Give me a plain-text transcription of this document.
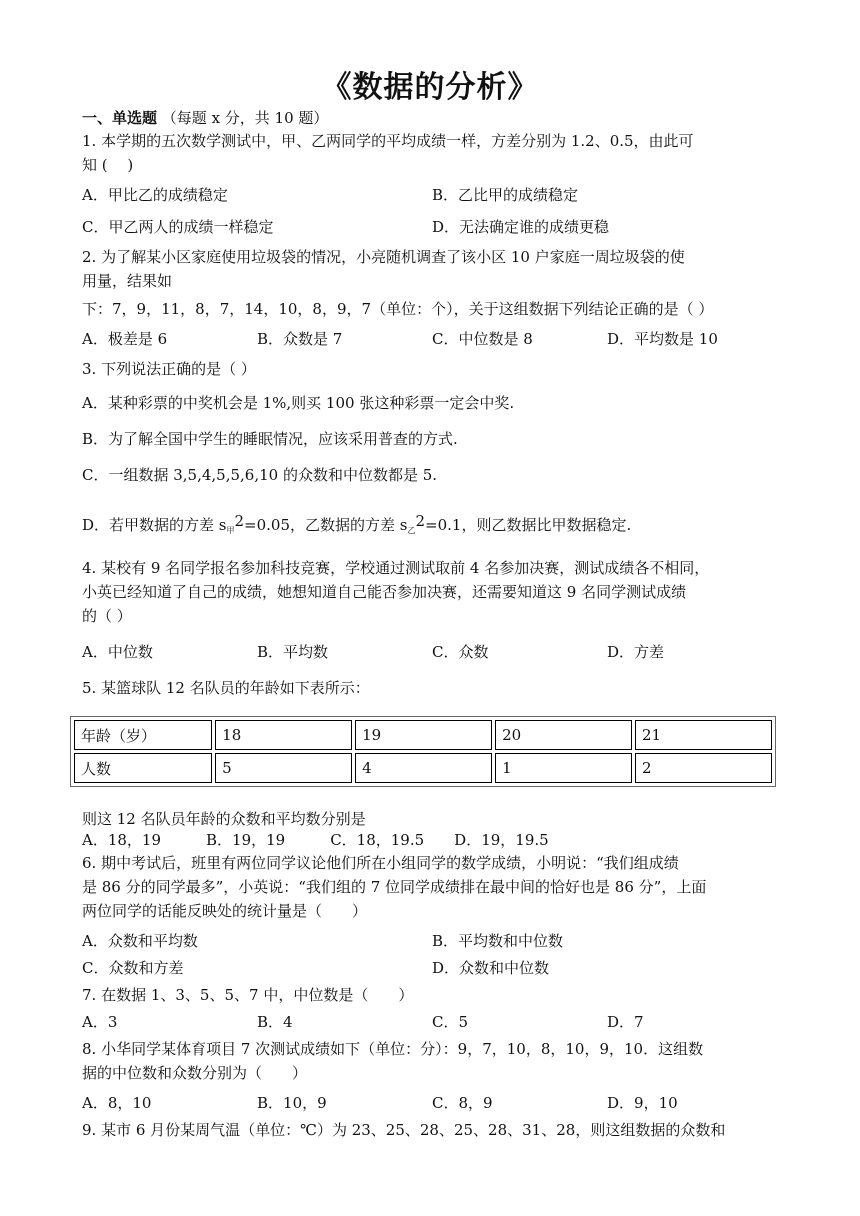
《数据的分析》
一、单选题 （每题 x 分，共 10 题）
1. 本学期的五次数学测试中，甲、乙两同学的平均成绩一样，方差分别为 1.2、0.5，由此可
知 (　 )
A．甲比乙的成绩稳定	B．乙比甲的成绩稳定
C．甲乙两人的成绩一样稳定	D．无法确定谁的成绩更稳
2. 为了解某小区家庭使用垃圾袋的情况，小亮随机调查了该小区 10 户家庭一周垃圾袋的使
用量，结果如
下：7，9，11，8，7，14，10，8，9，7（单位：个），关于这组数据下列结论正确的是（ ）
A．极差是 6	B．众数是 7	C．中位数是 8	D．平均数是 10
3. 下列说法正确的是（ ）
A．某种彩票的中奖机会是 1%,则买 100 张这种彩票一定会中奖.
B．为了解全国中学生的睡眠情况，应该采用普查的方式.
C．一组数据 3,5,4,5,5,6,10 的众数和中位数都是 5.
D．若甲数据的方差 $s_甲2=0.05$，乙数据的方差 $s_乙2=0.1$，则乙数据比甲数据稳定.
4. 某校有 9 名同学报名参加科技竞赛，学校通过测试取前 4 名参加决赛，测试成绩各不相同，
小英已经知道了自己的成绩，她想知道自己能否参加决赛，还需要知道这 9 名同学测试成绩
的（ ）
A．中位数	B．平均数	C．众数	D．方差
5. 某篮球队 12 名队员的年龄如下表所示：
年龄（岁）	18	19	20	21
人数	5	4	1	2
则这 12 名队员年龄的众数和平均数分别是
A．18，19　　　B．19，19　　　C．18，19.5　　D．19，19.5
6. 期中考试后，班里有两位同学议论他们所在小组同学的数学成绩，小明说：“我们组成绩
是 86 分的同学最多”，小英说：“我们组的 7 位同学成绩排在最中间的恰好也是 86 分”，上面
两位同学的话能反映处的统计量是（　　）
A．众数和平均数	B．平均数和中位数
C．众数和方差	D．众数和中位数
7. 在数据 1、3、5、5、7 中，中位数是（　　）
A．3	B．4	C．5	D．7
8. 小华同学某体育项目 7 次测试成绩如下（单位：分）：9，7，10，8，10，9，10．这组数
据的中位数和众数分别为（　　）
A．8，10	B．10，9	C．8，9	D．9，10
9. 某市 6 月份某周气温（单位：℃）为 23、25、28、25、28、31、28，则这组数据的众数和
